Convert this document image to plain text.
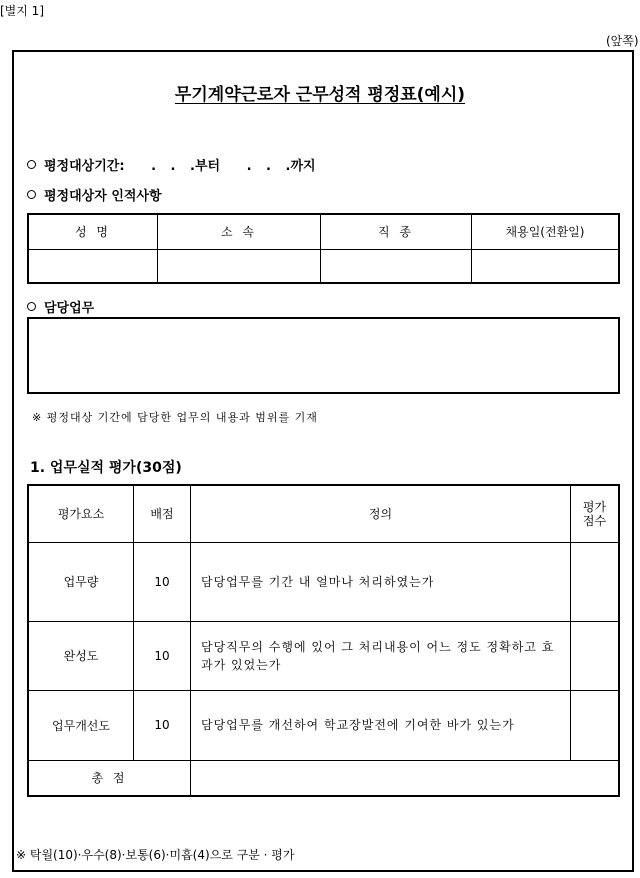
[별지 1]
(앞쪽)
무기계약근로자 근무성적 평정표(예시)
평정대상기간: . . .부터 . . .까지
평정대상자 인적사항
성 명	소 속	직 종	채용일(전환일)

담당업무
※ 평정대상 기간에 담당한 업무의 내용과 범위를 기재
1. 업무실적 평가(30점)
평가요소	배점	정의	평가
점수

업무량	10	담당업무를 기간 내 얼마나 처리하였는가	
완성도	10	담당직무의 수행에 있어 그 처리내용이 어느 정도 정확하고 효과가 있었는가	
업무개선도	10	담당업무를 개선하여 학교장발전에 기여한 바가 있는가	
총 점			
※ 탁월(10)·우수(8)·보통(6)·미흡(4)으로 구분 · 평가
